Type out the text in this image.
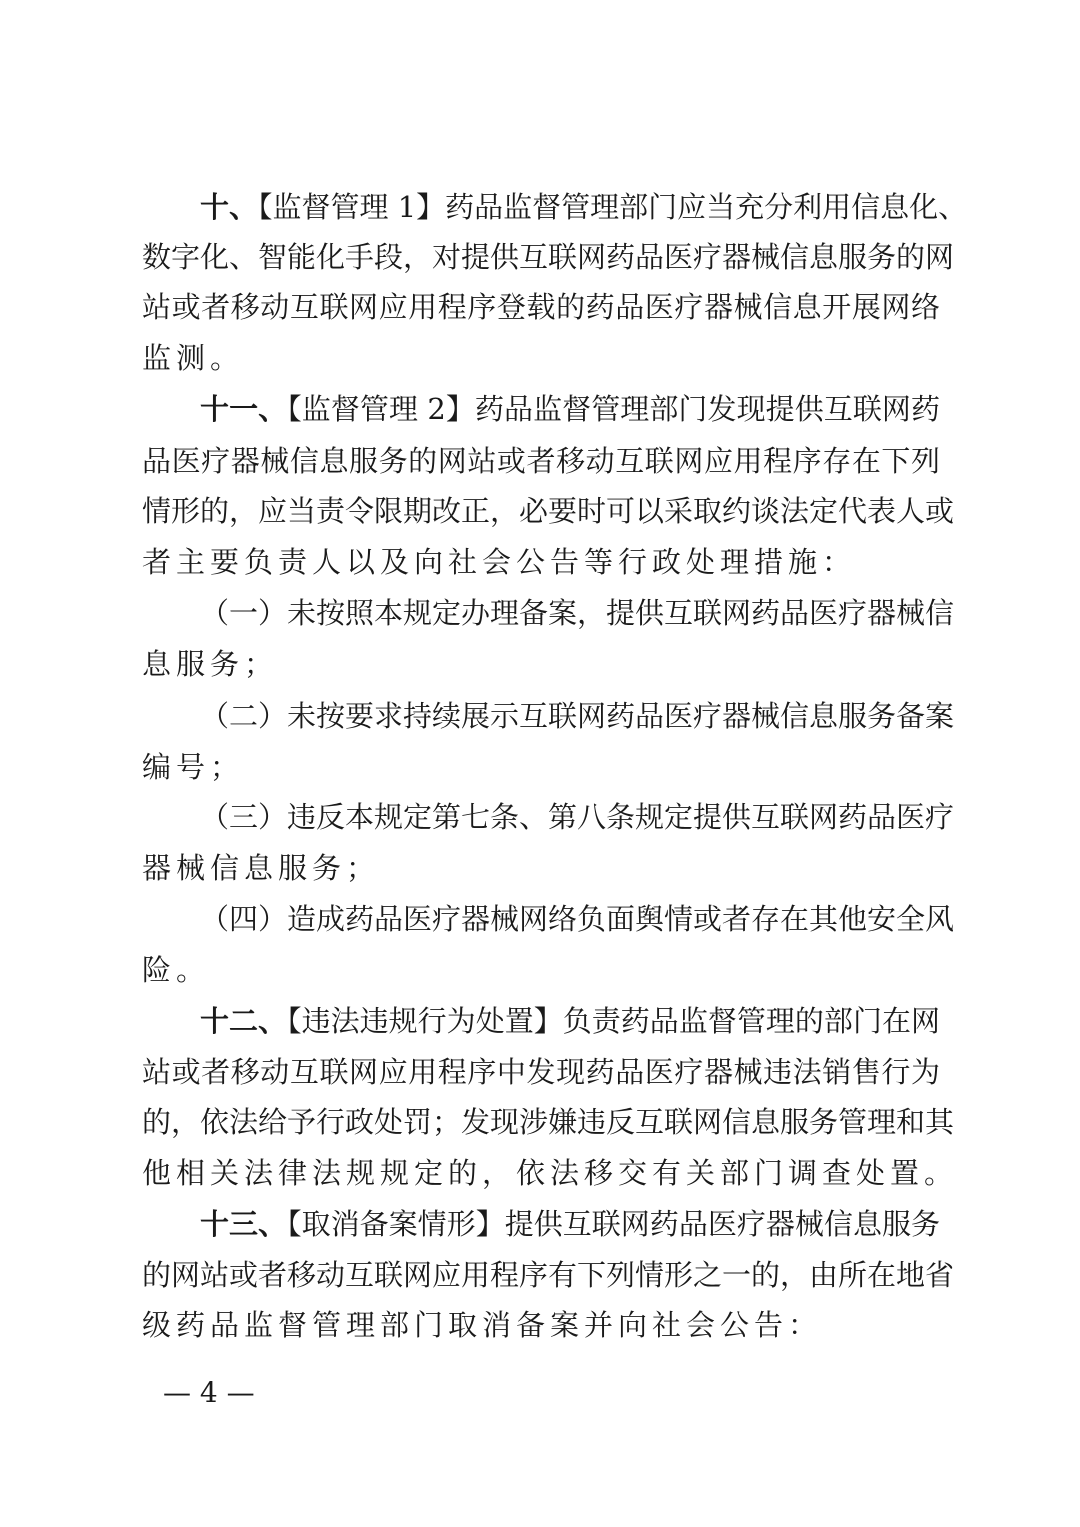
十、【监督管理 1】药品监督管理部门应当充分利用信息化、
数字化、智能化手段，对提供互联网药品医疗器械信息服务的网
站或者移动互联网应用程序登载的药品医疗器械信息开展网络
监测。
十一、【监督管理 2】药品监督管理部门发现提供互联网药
品医疗器械信息服务的网站或者移动互联网应用程序存在下列
情形的，应当责令限期改正，必要时可以采取约谈法定代表人或
者主要负责人以及向社会公告等行政处理措施：
（一）未按照本规定办理备案，提供互联网药品医疗器械信
息服务；
（二）未按要求持续展示互联网药品医疗器械信息服务备案
编号；
（三）违反本规定第七条、第八条规定提供互联网药品医疗
器械信息服务；
（四）造成药品医疗器械网络负面舆情或者存在其他安全风
险。
十二、【违法违规行为处置】负责药品监督管理的部门在网
站或者移动互联网应用程序中发现药品医疗器械违法销售行为
的，依法给予行政处罚；发现涉嫌违反互联网信息服务管理和其
他相关法律法规规定的，依法移交有关部门调查处置。
十三、【取消备案情形】提供互联网药品医疗器械信息服务
的网站或者移动互联网应用程序有下列情形之一的，由所在地省
级药品监督管理部门取消备案并向社会公告：
— 4 —
